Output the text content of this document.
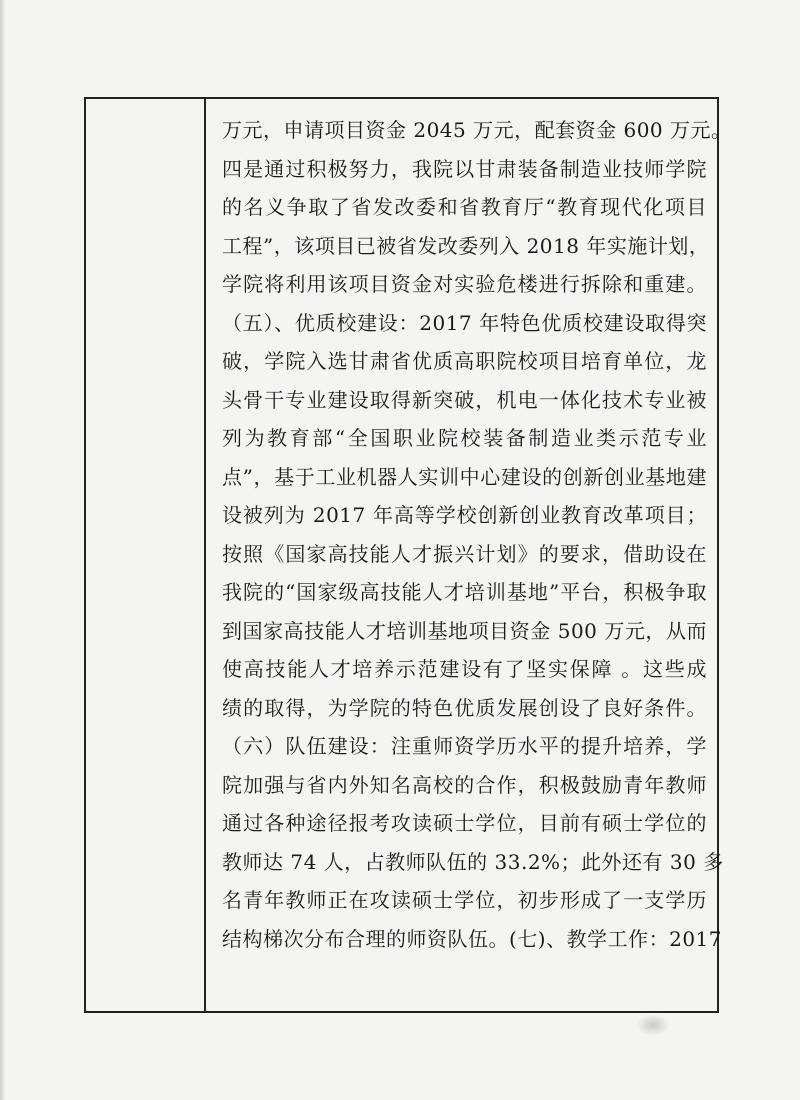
万元，申请项目资金 2045 万元，配套资金 600 万元。
四是通过积极努力，我院以甘肃装备制造业技师学院
的名义争取了省发改委和省教育厅“教育现代化项目
工程”，该项目已被省发改委列入 2018 年实施计划，
学院将利用该项目资金对实验危楼进行拆除和重建。
（五）、优质校建设：2017 年特色优质校建设取得突
破，学院入选甘肃省优质高职院校项目培育单位，龙
头骨干专业建设取得新突破，机电一体化技术专业被
列为教育部“全国职业院校装备制造业类示范专业
点”，基于工业机器人实训中心建设的创新创业基地建
设被列为 2017 年高等学校创新创业教育改革项目；
按照《国家高技能人才振兴计划》的要求，借助设在
我院的“国家级高技能人才培训基地”平台，积极争取
到国家高技能人才培训基地项目资金 500 万元，从而
使高技能人才培养示范建设有了坚实保障 。这些成
绩的取得，为学院的特色优质发展创设了良好条件。
（六）队伍建设：注重师资学历水平的提升培养，学
院加强与省内外知名高校的合作，积极鼓励青年教师
通过各种途径报考攻读硕士学位，目前有硕士学位的
教师达 74 人，占教师队伍的 33.2%；此外还有 30 多
名青年教师正在攻读硕士学位，初步形成了一支学历
结构梯次分布合理的师资队伍。(七)、教学工作：2017
